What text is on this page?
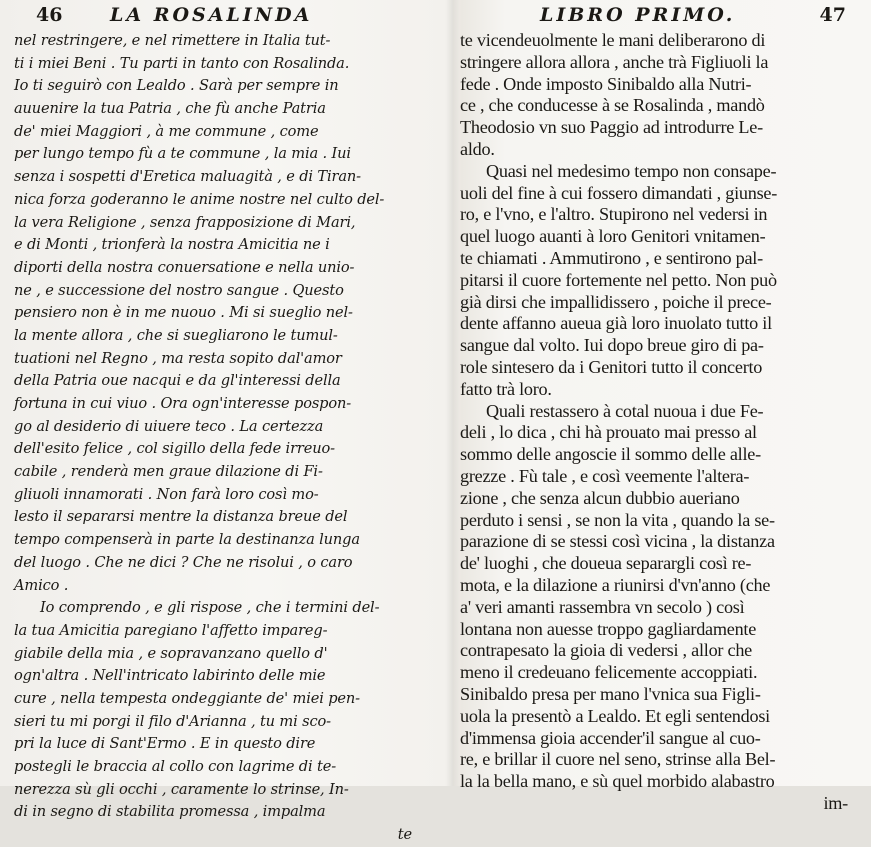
46	LA ROSALINDA
nel restringere, e nel rimettere in Italia tut-
ti i miei Beni . Tu parti in tanto con Rosalinda.
Io ti seguirò con Lealdo . Sarà per sempre in
auuenire la tua Patria , che fù anche Patria
de' miei Maggiori , à me commune , come
per lungo tempo fù a te commune , la mia . Iui
senza i sospetti d'Eretica maluagità , e di Tiran-
nica forza goderanno le anime nostre nel culto del-
la vera Religione , senza frapposizione di Mari,
e di Monti , trionferà la nostra Amicitia ne i
diporti della nostra conuersatione e nella unio-
ne , e successione del nostro sangue . Questo
pensiero non è in me nuouo . Mi si sueglio nel-
la mente allora , che si suegliarono le tumul-
tuationi nel Regno , ma resta sopito dal'amor
della Patria oue nacqui e da gl'interessi della
fortuna in cui viuo . Ora ogn'interesse pospon-
go al desiderio di uiuere teco . La certezza
dell'esito felice , col sigillo della fede irreuo-
cabile , renderà men graue dilazione di Fi-
gliuoli innamorati . Non farà loro così mo-
lesto il separarsi mentre la distanza breue del
tempo compenserà in parte la destinanza lunga
del luogo . Che ne dici ? Che ne risolui , o caro
Amico .
Io comprendo , e gli rispose , che i termini del-
la tua Amicitia paregiano l'affetto impareg-
giabile della mia , e sopravanzano quello d'
ogn'altra . Nell'intricato labirinto delle mie
cure , nella tempesta ondeggiante de' miei pen-
sieri tu mi porgi il filo d'Arianna , tu mi sco-
pri la luce di Sant'Ermo . E in questo dire
postegli le braccia al collo con lagrime di te-
nerezza sù gli occhi , caramente lo strinse, In-
di in segno di stabilita promessa , impalma
te
LIBRO PRIMO.	47
te vicendeuolmente le mani deliberarono di
stringere allora allora , anche trà Figliuoli la
fede . Onde imposto Sinibaldo alla Nutri-
ce , che conducesse à se Rosalinda , mandò
Theodosio vn suo Paggio ad introdurre Le-
aldo.
Quasi nel medesimo tempo non consape-
uoli del fine à cui fossero dimandati , giunse-
ro, e l'vno, e l'altro. Stupirono nel vedersi in
quel luogo auanti à loro Genitori vnitamen-
te chiamati . Ammutirono , e sentirono pal-
pitarsi il cuore fortemente nel petto. Non può
già dirsi che impallidissero , poiche il prece-
dente affanno aueua già loro inuolato tutto il
sangue dal volto. Iui dopo breue giro di pa-
role sintesero da i Genitori tutto il concerto
fatto trà loro.
Quali restassero à cotal nuoua i due Fe-
deli , lo dica , chi hà prouato mai presso al
sommo delle angoscie il sommo delle alle-
grezze . Fù tale , e così veemente l'altera-
zione , che senza alcun dubbio aueriano
perduto i sensi , se non la vita , quando la se-
parazione di se stessi così vicina , la distanza
de' luoghi , che doueua separargli così re-
mota, e la dilazione a riunirsi d'vn'anno (che
a' veri amanti rassembra vn secolo ) così
lontana non auesse troppo gagliardamente
contrapesato la gioia di vedersi , allor che
meno il credeuano felicemente accoppiati.
Sinibaldo presa per mano l'vnica sua Figli-
uola la presentò a Lealdo. Et egli sentendosi
d'immensa gioia accender'il sangue al cuo-
re, e brillar il cuore nel seno, strinse alla Bel-
la la bella mano, e sù quel morbido alabastro
im-
